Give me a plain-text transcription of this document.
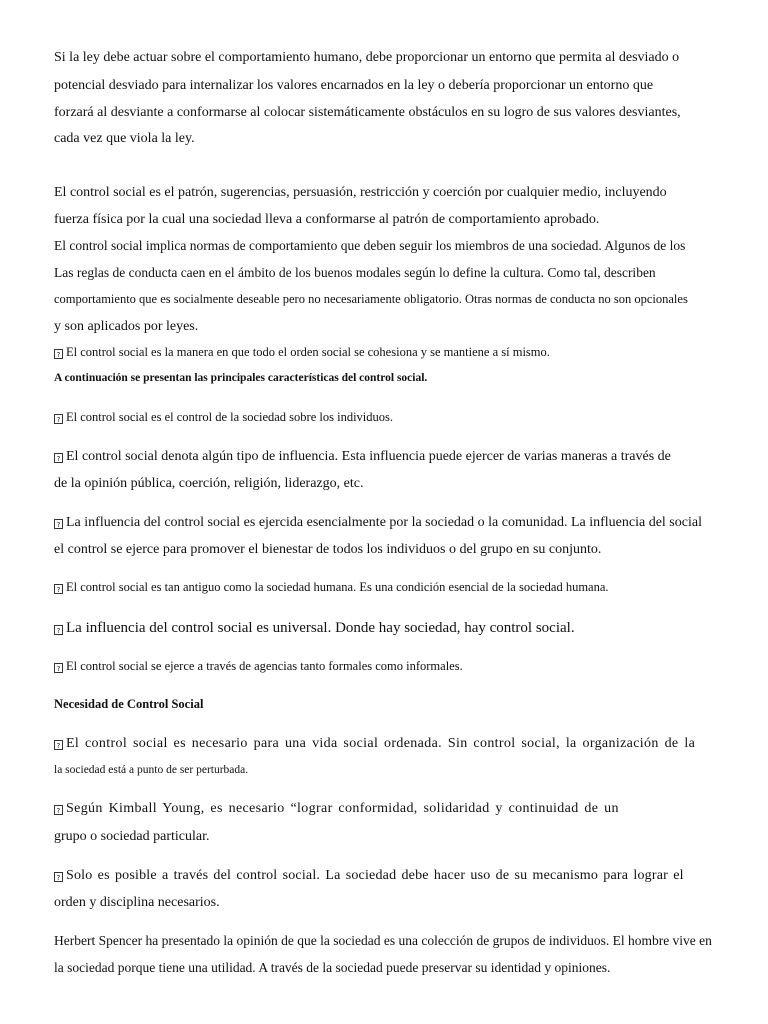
Si la ley debe actuar sobre el comportamiento humano, debe proporcionar un entorno que permita al desviado o

potencial desviado para internalizar los valores encarnados en la ley o debería proporcionar un entorno que

forzará al desviante a conformarse al colocar sistemáticamente obstáculos en su logro de sus valores desviantes,

cada vez que viola la ley.

El control social es el patrón, sugerencias, persuasión, restricción y coerción por cualquier medio, incluyendo

fuerza física por la cual una sociedad lleva a conformarse al patrón de comportamiento aprobado.

El control social implica normas de comportamiento que deben seguir los miembros de una sociedad. Algunos de los

Las reglas de conducta caen en el ámbito de los buenos modales según lo define la cultura. Como tal, describen

comportamiento que es socialmente deseable pero no necesariamente obligatorio. Otras normas de conducta no son opcionales

y son aplicados por leyes.

? El control social es la manera en que todo el orden social se cohesiona y se mantiene a sí mismo.

A continuación se presentan las principales características del control social.

? El control social es el control de la sociedad sobre los individuos.

? El control social denota algún tipo de influencia. Esta influencia puede ejercer de varias maneras a través de

de la opinión pública, coerción, religión, liderazgo, etc.

? La influencia del control social es ejercida esencialmente por la sociedad o la comunidad. La influencia del social

el control se ejerce para promover el bienestar de todos los individuos o del grupo en su conjunto.

? El control social es tan antiguo como la sociedad humana. Es una condición esencial de la sociedad humana.

? La influencia del control social es universal. Donde hay sociedad, hay control social.

? El control social se ejerce a través de agencias tanto formales como informales.

Necesidad de Control Social

? El control social es necesario para una vida social ordenada. Sin control social, la organización de la

la sociedad está a punto de ser perturbada.

? Según Kimball Young, es necesario “lograr conformidad, solidaridad y continuidad de un

grupo o sociedad particular.

? Solo es posible a través del control social. La sociedad debe hacer uso de su mecanismo para lograr el

orden y disciplina necesarios.

Herbert Spencer ha presentado la opinión de que la sociedad es una colección de grupos de individuos. El hombre vive en

la sociedad porque tiene una utilidad. A través de la sociedad puede preservar su identidad y opiniones.
